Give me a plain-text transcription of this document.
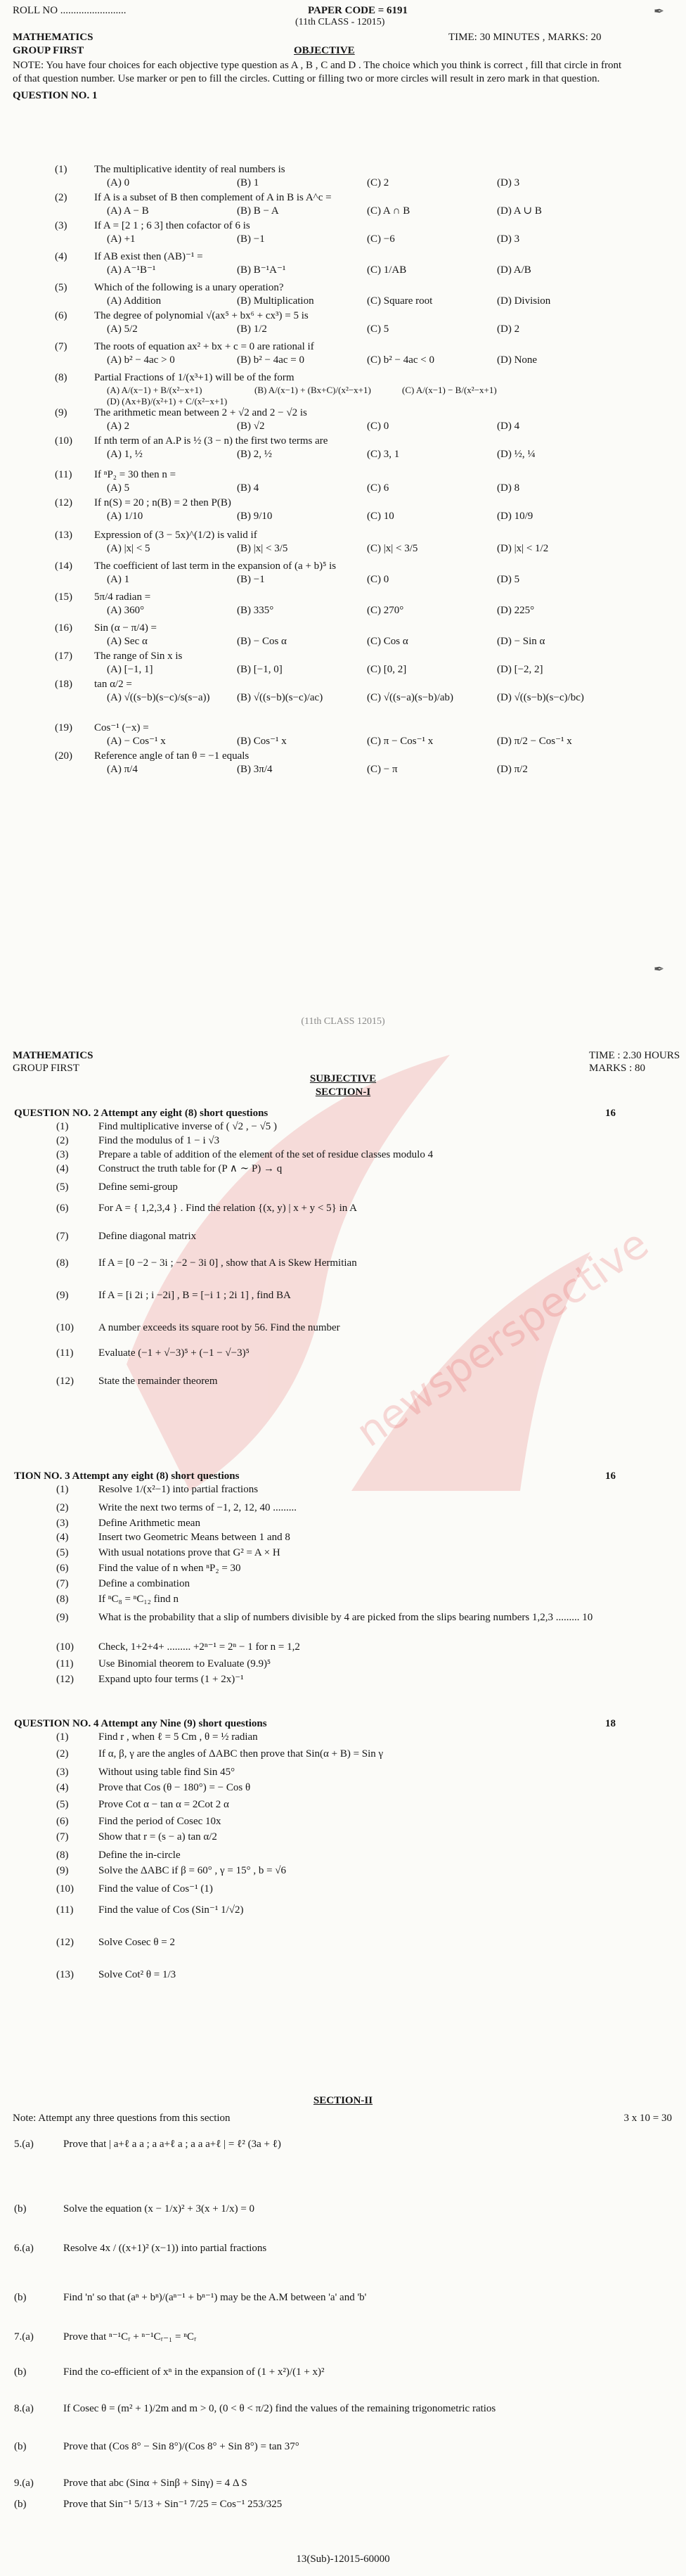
newsperspective
ROLL NO .........................	PAPER CODE = 6191
(11th CLASS - 12015)
MATHEMATICS	TIME: 30 MINUTES , MARKS: 20
GROUP FIRST	OBJECTIVE
NOTE: You have four choices for each objective type question as A , B , C and D . The choice which you think is correct , fill that circle in front of that question number. Use marker or pen to fill the circles. Cutting or filling two or more circles will result in zero mark in that question.
QUESTION NO. 1
(1)	The multiplicative identity of real numbers is
(A) 0	(B) 1	(C) 2	(D) 3
(2)	If A is a subset of B then complement of A in B is A^c =
(A) A − B	(B) B − A	(C) A ∩ B	(D) A ∪ B
(3)	If A = [2 1 ; 6 3] then cofactor of 6 is
(A) +1	(B) −1	(C) −6	(D) 3
(4)	If AB exist then (AB)⁻¹ =
(A) A⁻¹B⁻¹	(B) B⁻¹A⁻¹	(C) 1/AB	(D) A/B
(5)	Which of the following is a unary operation?
(A) Addition	(B) Multiplication	(C) Square root	(D) Division
(6)	The degree of polynomial √(ax⁵ + bx⁶ + cx³) = 5 is
(A) 5/2	(B) 1/2	(C) 5	(D) 2
(7)	The roots of equation ax² + bx + c = 0 are rational if
(A) b² − 4ac > 0	(B) b² − 4ac = 0	(C) b² − 4ac < 0	(D) None
(8)	Partial Fractions of 1/(x³+1) will be of the form
(A) A/(x−1) + B/(x²−x+1)	(B) A/(x−1) + (Bx+C)/(x²−x+1)	(C) A/(x−1) − B/(x²−x+1)
(D) (Ax+B)/(x²+1) + C/(x²−x+1)
(9)	The arithmetic mean between 2 + √2 and 2 − √2 is
(A) 2	(B) √2	(C) 0	(D) 4
(10)	If nth term of an A.P is ½ (3 − n) the first two terms are
(A) 1, ½	(B) 2, ½	(C) 3, 1	(D) ½, ¼
(11)	If ⁿP₂ = 30 then n =
(A) 5	(B) 4	(C) 6	(D) 8
(12)	If n(S) = 20 ; n(B) = 2 then P(B)
(A) 1/10	(B) 9/10	(C) 10	(D) 10/9
(13)	Expression of (3 − 5x)^(1/2) is valid if
(A) |x| < 5	(B) |x| < 3/5	(C) |x| < 3/5	(D) |x| < 1/2
(14)	The coefficient of last term in the expansion of (a + b)⁵ is
(A) 1	(B) −1	(C) 0	(D) 5
(15)	5π/4 radian =
(A) 360°	(B) 335°	(C) 270°	(D) 225°
(16)	Sin (α − π/4) =
(A) Sec α	(B) − Cos α	(C) Cos α	(D) − Sin α
(17)	The range of Sin x is
(A) [−1, 1]	(B) [−1, 0]	(C) [0, 2]	(D) [−2, 2]
(18)	tan α/2 =
(A) √((s−b)(s−c)/s(s−a))	(B) √((s−b)(s−c)/ac)	(C) √((s−a)(s−b)/ab)	(D) √((s−b)(s−c)/bc)
(19)	Cos⁻¹ (−x) =
(A) − Cos⁻¹ x	(B) Cos⁻¹ x	(C) π − Cos⁻¹ x	(D) π/2 − Cos⁻¹ x
(20)	Reference angle of tan θ = −1 equals
(A) π/4	(B) 3π/4	(C) − π	(D) π/2
✒
✒
(11th CLASS 12015)
MATHEMATICS	TIME : 2.30 HOURS
GROUP FIRST	MARKS : 80
SUBJECTIVE
SECTION-I
QUESTION NO. 2 Attempt any eight (8) short questions	16
(1)	Find multiplicative inverse of ( √2 , − √5 )
(2)	Find the modulus of 1 − i √3
(3)	Prepare a table of addition of the element of the set of residue classes modulo 4
(4)	Construct the truth table for (P ∧ ∼ P) → q
(5)	Define semi-group
(6)	For A = { 1,2,3,4 } . Find the relation {(x, y) | x + y < 5} in A
(7)	Define diagonal matrix
(8)	If A = [0 −2 − 3i ; −2 − 3i 0] , show that A is Skew Hermitian
(9)	If A = [i 2i ; i −2i] , B = [−i 1 ; 2i 1] , find BA
(10)	A number exceeds its square root by 56. Find the number
(11)	Evaluate (−1 + √−3)⁵ + (−1 − √−3)⁵
(12)	State the remainder theorem
TION NO. 3 Attempt any eight (8) short questions	16
(1)	Resolve 1/(x²−1) into partial fractions
(2)	Write the next two terms of −1, 2, 12, 40 .........
(3)	Define Arithmetic mean
(4)	Insert two Geometric Means between 1 and 8
(5)	With usual notations prove that G² = A × H
(6)	Find the value of n when ⁿP₂ = 30
(7)	Define a combination
(8)	If ⁿC₈ = ⁿC₁₂ find n
(9)	What is the probability that a slip of numbers divisible by 4 are picked from the slips bearing numbers 1,2,3 ......... 10
(10)	Check, 1+2+4+ ......... +2ⁿ⁻¹ = 2ⁿ − 1 for n = 1,2
(11)	Use Binomial theorem to Evaluate (9.9)⁵
(12)	Expand upto four terms (1 + 2x)⁻¹
QUESTION NO. 4 Attempt any Nine (9) short questions	18
(1)	Find r , when ℓ = 5 Cm , θ = ½ radian
(2)	If α, β, γ are the angles of ΔABC then prove that Sin(α + B) = Sin γ
(3)	Without using table find Sin 45°
(4)	Prove that Cos (θ − 180°) = − Cos θ
(5)	Prove Cot α − tan α = 2Cot 2 α
(6)	Find the period of Cosec 10x
(7)	Show that r = (s − a) tan α/2
(8)	Define the in-circle
(9)	Solve the ΔABC if β = 60° , γ = 15° , b = √6
(10)	Find the value of Cos⁻¹ (1)
(11)	Find the value of Cos (Sin⁻¹ 1/√2)
(12)	Solve Cosec θ = 2
(13)	Solve Cot² θ = 1/3
SECTION-II
Note: Attempt any three questions from this section	3 x 10 = 30
5.(a)	Prove that | a+ℓ a a ; a a+ℓ a ; a a a+ℓ | = ℓ² (3a + ℓ)
(b)	Solve the equation (x − 1/x)² + 3(x + 1/x) = 0
6.(a)	Resolve 4x / ((x+1)² (x−1)) into partial fractions
(b)	Find 'n' so that (aⁿ + bⁿ)/(aⁿ⁻¹ + bⁿ⁻¹) may be the A.M between 'a' and 'b'
7.(a)	Prove that ⁿ⁻¹Cᵣ + ⁿ⁻¹Cᵣ₋₁ = ⁿCᵣ
(b)	Find the co-efficient of xⁿ in the expansion of (1 + x²)/(1 + x)²
8.(a)	If Cosec θ = (m² + 1)/2m and m > 0, (0 < θ < π/2) find the values of the remaining trigonometric ratios
(b)	Prove that (Cos 8° − Sin 8°)/(Cos 8° + Sin 8°) = tan 37°
9.(a)	Prove that abc (Sinα + Sinβ + Sinγ) = 4 Δ S
(b)	Prove that Sin⁻¹ 5/13 + Sin⁻¹ 7/25 = Cos⁻¹ 253/325
13(Sub)-12015-60000
